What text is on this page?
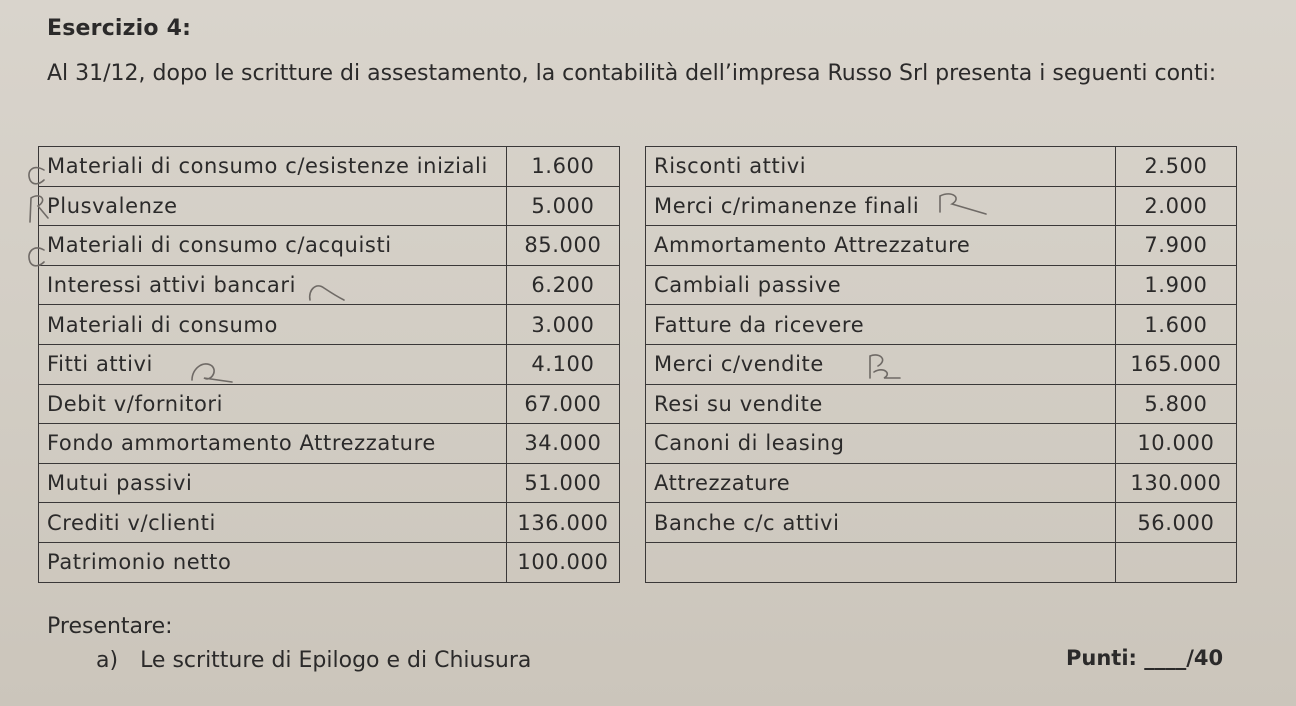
Esercizio 4:
Al 31/12, dopo le scritture di assestamento, la contabilità dell’impresa Russo Srl presenta i seguenti conti:
Materiali di consumo c/esistenze iniziali	1.600
Plusvalenze	5.000
Materiali di consumo c/acquisti	85.000
Interessi attivi bancari	6.200
Materiali di consumo	3.000
Fitti attivi	4.100
Debit v/fornitori	67.000
Fondo ammortamento Attrezzature	34.000
Mutui passivi	51.000
Crediti v/clienti	136.000
Patrimonio netto	100.000
Risconti attivi	2.500
Merci c/rimanenze finali	2.000
Ammortamento Attrezzature	7.900
Cambiali passive	1.900
Fatture da ricevere	1.600
Merci c/vendite	165.000
Resi su vendite	5.800
Canoni di leasing	10.000
Attrezzature	130.000
Banche c/c attivi	56.000

Presentare:
a) Le scritture di Epilogo e di Chiusura	Punti: ____/40
